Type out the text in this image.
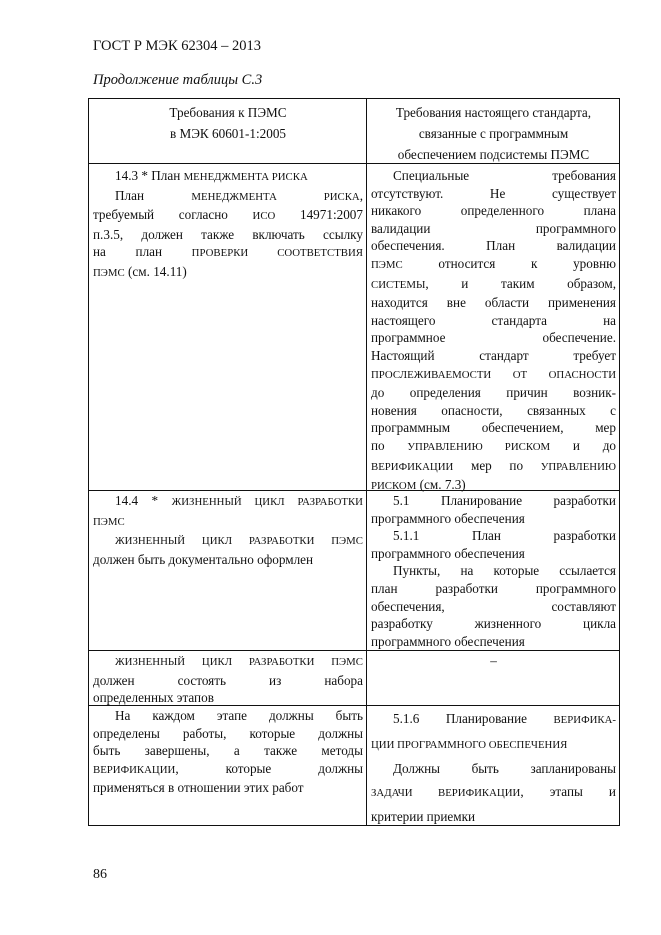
ГОСТ Р МЭК 62304 – 2013
Продолжение таблицы С.3
Требования к ПЭМС
в МЭК 60601-1:2005
Требования настоящего стандарта,
связанные с программным
обеспечением подсистемы ПЭМС

14.3 * План МЕНЕДЖМЕНТА РИСКА

План МЕНЕДЖМЕНТА РИСКА,

требуемый согласно ИСО 14971:2007

п.3.5, должен также включать ссылку

на план ПРОВЕРКИ СООТВЕТСТВИЯ

ПЭМС (см. 14.11)

Специальные требования

отсутствуют. Не существует

никакого определенного плана

валидации программного

обеспечения. План валидации

ПЭМС относится к уровню

СИСТЕМЫ, и таким образом,

находится вне области применения

настоящего стандарта на

программное обеспечение.

Настоящий стандарт требует

ПРОСЛЕЖИВАЕМОСТИ ОТ ОПАСНОСТИ

до определения причин возник-

новения опасности, связанных с

программным обеспечением, мер

по УПРАВЛЕНИЮ РИСКОМ и до

ВЕРИФИКАЦИИ мер по УПРАВЛЕНИЮ

РИСКОМ (см. 7.3)

14.4 * ЖИЗНЕННЫЙ ЦИКЛ РАЗРАБОТКИ

ПЭМС

ЖИЗНЕННЫЙ ЦИКЛ РАЗРАБОТКИ ПЭМС

должен быть документально оформлен

5.1 Планирование разработки

программного обеспечения

5.1.1 План разработки

программного обеспечения

Пункты, на которые ссылается

план разработки программного

обеспечения, составляют

разработку жизненного цикла

программного обеспечения

ЖИЗНЕННЫЙ ЦИКЛ РАЗРАБОТКИ ПЭМС

должен состоять из набора

определенных этапов

–

На каждом этапе должны быть

определены работы, которые должны

быть завершены, а также методы

ВЕРИФИКАЦИИ, которые должны

применяться в отношении этих работ

5.1.6 Планирование ВЕРИФИКА-

ЦИИ ПРОГРАММНОГО ОБЕСПЕЧЕНИЯ

Должны быть запланированы

ЗАДАЧИ ВЕРИФИКАЦИИ, этапы и

критерии приемки

86
